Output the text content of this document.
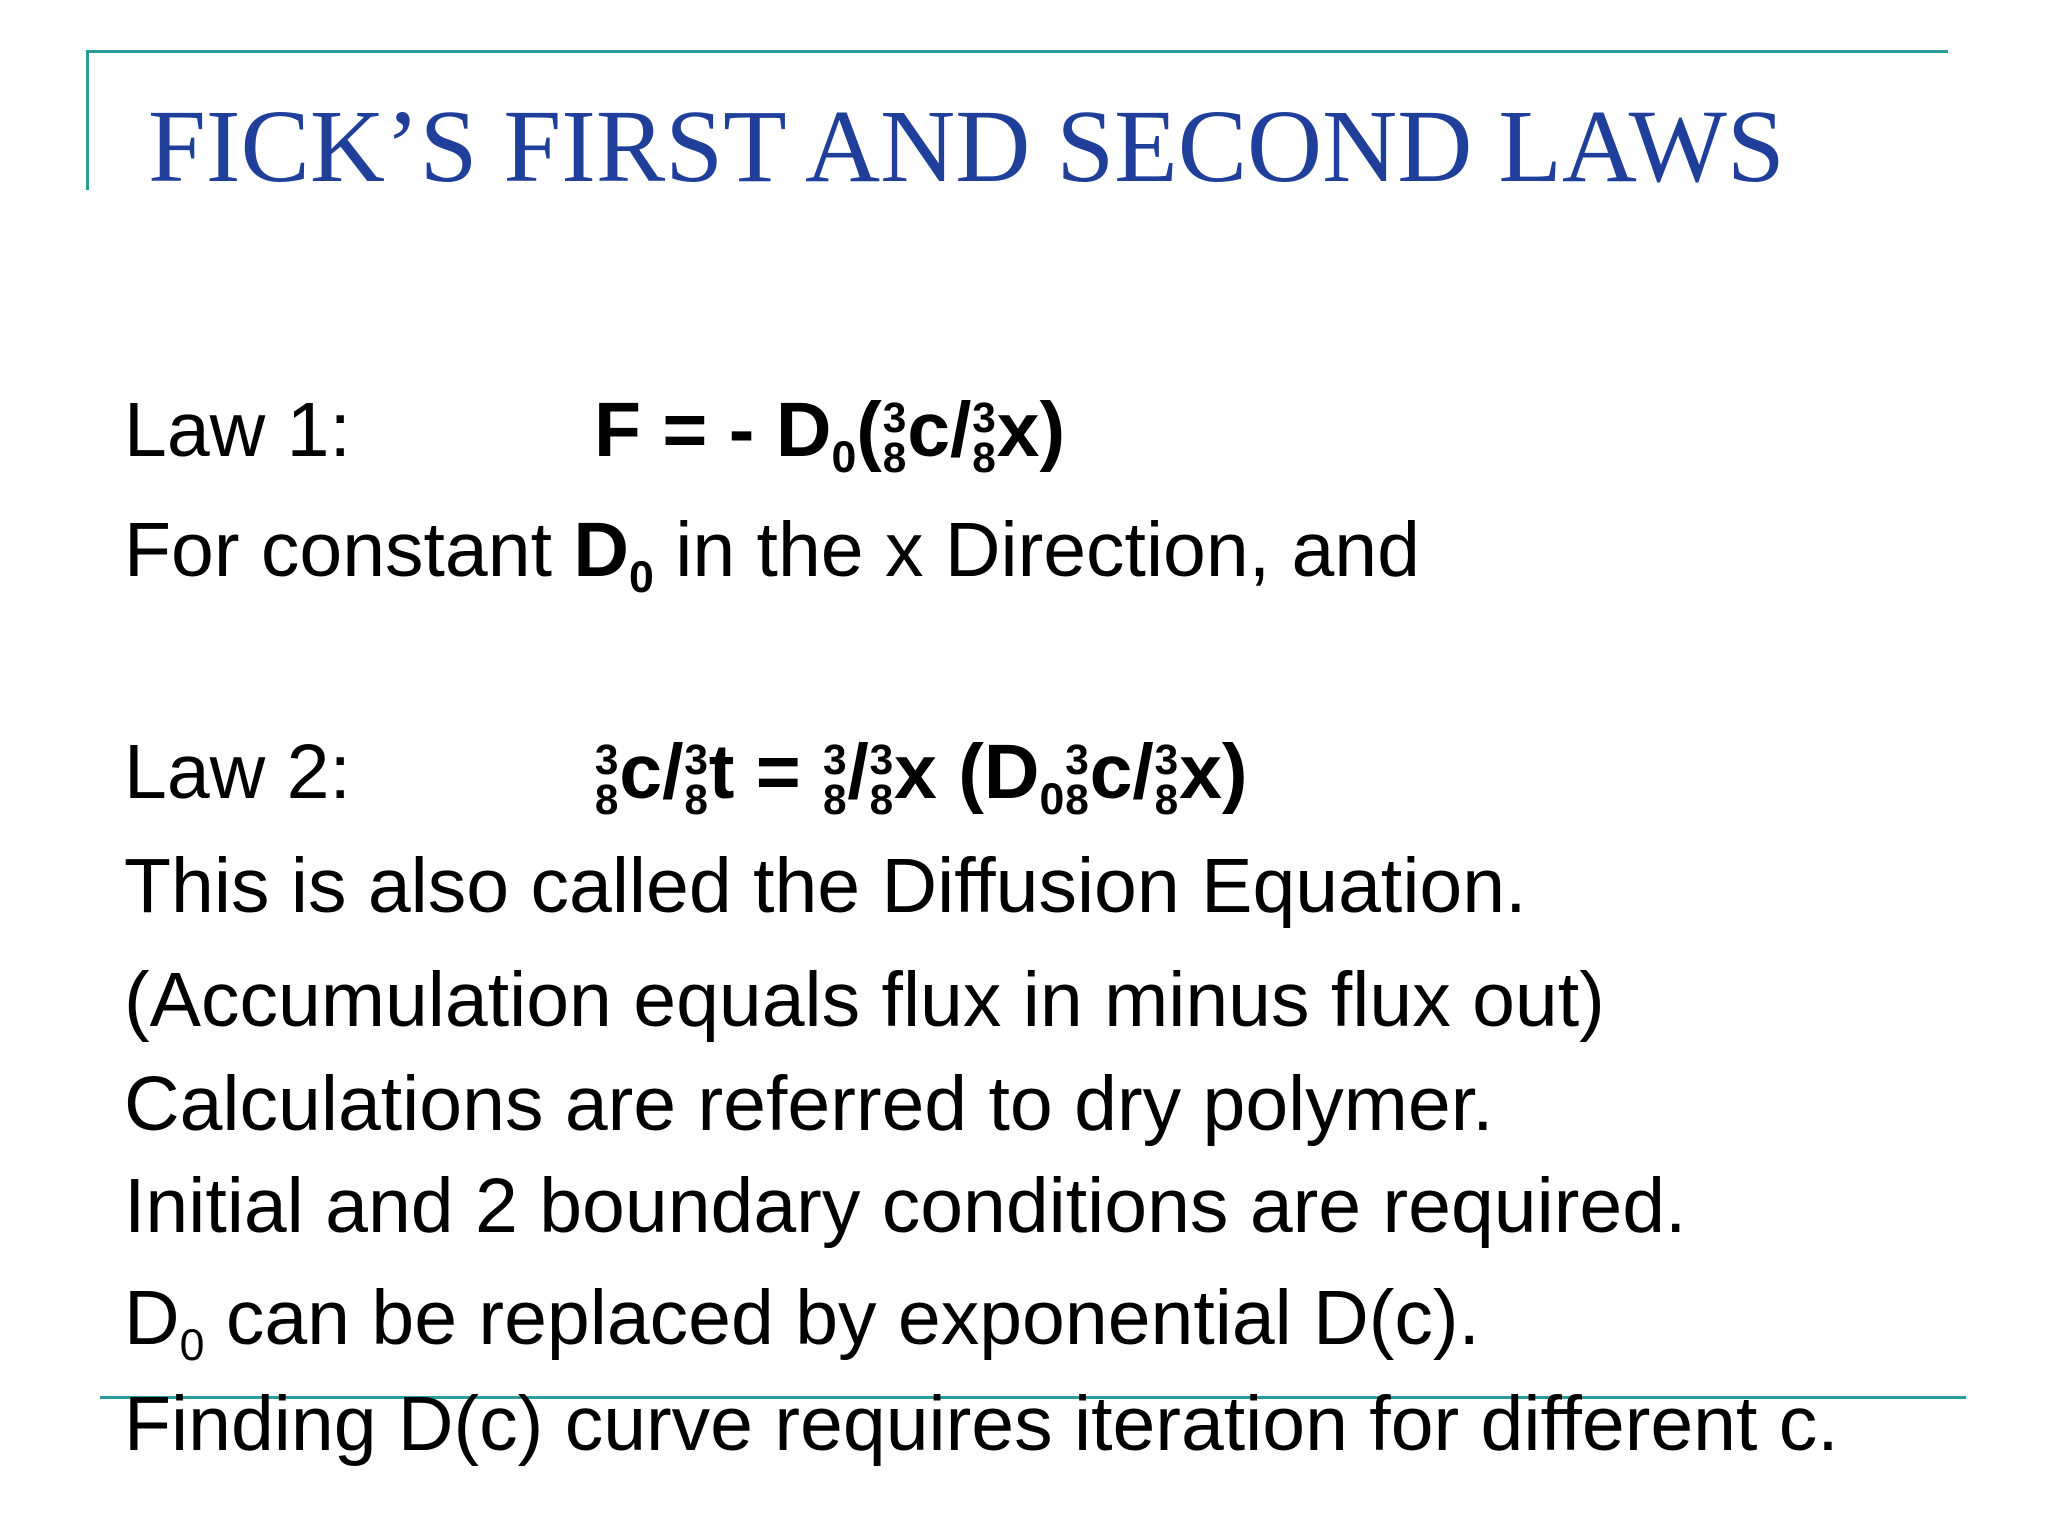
FICK’S FIRST AND SECOND LAWS
Law 1:	F = - $D_0$( 3
8 c/ 3
8 x)
For constant $D_0$ in the x Direction, and
Law 2:	3
8 c/ 3
8 t = 3
8 / 3
8 x ($D_0$
3
8 c/ 3
8 x)
This is also called the Diffusion Equation.
(Accumulation equals flux in minus flux out)
Calculations are referred to dry polymer.
Initial and 2 boundary conditions are required.
$D_0$ can be replaced by exponential D(c).
Finding D(c) curve requires iteration for different c.
